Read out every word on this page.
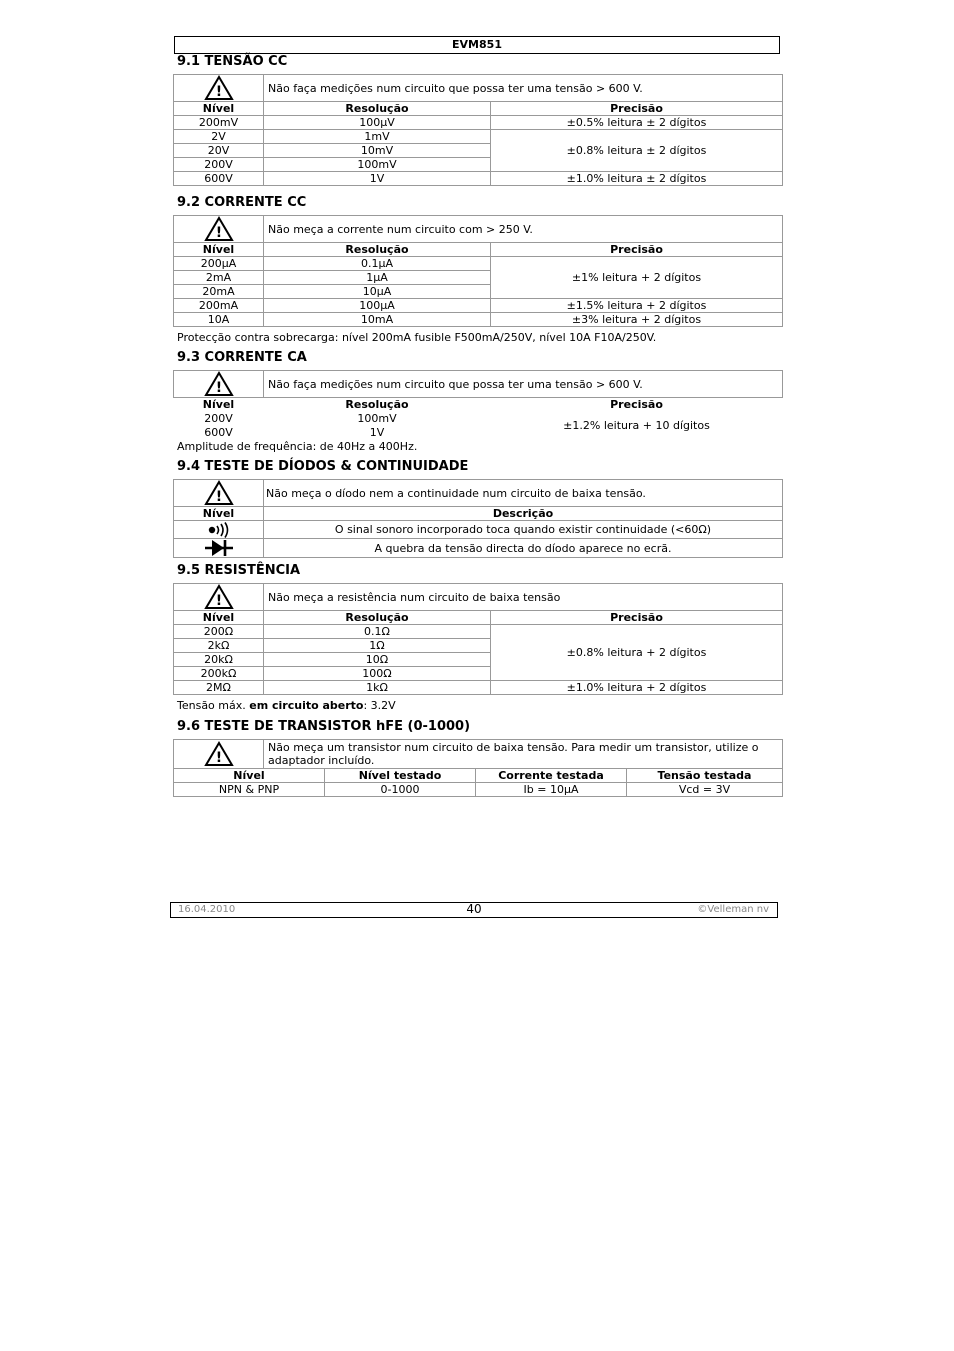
EVM851
9.1 TENSÃO CC
!	Não faça medições num circuito que possa ter uma tensão > 600 V.	
Nível	Resolução	Precisão
200mV	100μV	±0.5% leitura ± 2 dígitos
2V	1mV	±0.8% leitura ± 2 dígitos
20V	10mV	
200V	100mV	
600V	1V	±1.0% leitura ± 2 dígitos
9.2 CORRENTE CC
!	Não meça a corrente num circuito com > 250 V.	
Nível	Resolução	Precisão
200μA	0.1μA	±1% leitura + 2 dígitos
2mA	1μA	
20mA	10μA	
200mA	100μA	±1.5% leitura + 2 dígitos
10A	10mA	±3% leitura + 2 dígitos
Protecção contra sobrecarga: nível 200mA fusible F500mA/250V, nível 10A F10A/250V.
9.3 CORRENTE CA
!	Não faça medições num circuito que possa ter uma tensão > 600 V.	
Nível	Resolução	Precisão
200V	100mV	±1.2% leitura + 10 dígitos
600V	1V	
Amplitude de frequência: de 40Hz a 400Hz.
9.4 TESTE DE DÍODOS & CONTINUIDADE
!	Não meça o díodo nem a continuidade num circuito de baixa tensão.
Nível	Descrição

	O sinal sonoro incorporado toca quando existir continuidade (<60Ω)

	A quebra da tensão directa do díodo aparece no ecrã.
9.5 RESISTÊNCIA
!	Não meça a resistência num circuito de baixa tensão	
Nível	Resolução	Precisão
200Ω	0.1Ω	±0.8% leitura + 2 dígitos
2kΩ	1Ω	
20kΩ	10Ω	
200kΩ	100Ω	
2MΩ	1kΩ	±1.0% leitura + 2 dígitos
Tensão máx. em circuito aberto: 3.2V
9.6 TESTE DE TRANSISTOR hFE (0-1000)
!	Não meça um transistor num circuito de baixa tensão. Para medir um transistor, utilize o adaptador incluído.			
Nível		Nível testado	Corrente testada	Tensão testada
NPN & PNP		0-1000	Ib = 10μA	Vcd = 3V
16.04.2010	40	©Velleman nv
